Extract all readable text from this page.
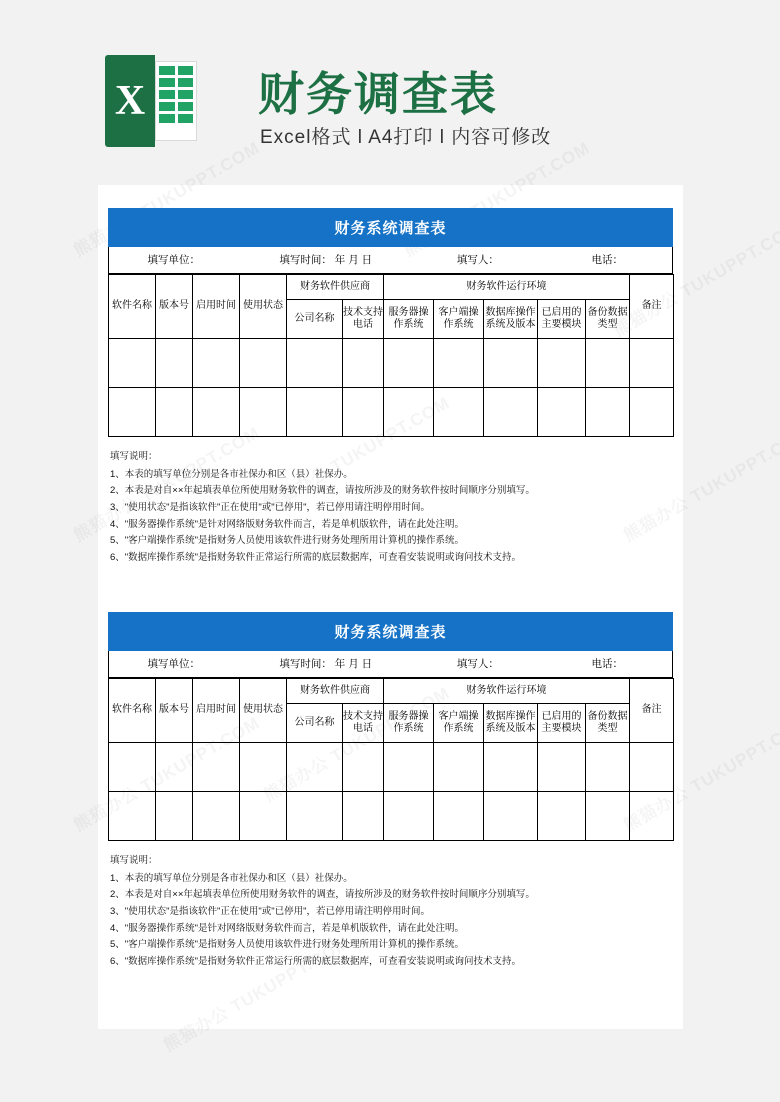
X 财务调查表
Excel格式 l A4打印 l 内容可修改
财务系统调查表
填写单位：	填写时间： 年 月 日	填写人：	电话：
软件名称	版本号	启用时间	使用状态	财务软件供应商		财务软件运行环境					备注
				公司名称	技术支持电话	服务器操作系统	客户端操作系统	数据库操作系统及版本	已启用的主要模块	备份数据类型	

填写说明：
1、本表的填写单位分别是各市社保办和区（县）社保办。
2、本表是对自××年起填表单位所使用财务软件的调查，请按所涉及的财务软件按时间顺序分别填写。
3、"使用状态"是指该软件"正在使用"或"已停用"，若已停用请注明停用时间。
4、"服务器操作系统"是针对网络版财务软件而言，若是单机版软件，请在此处注明。
5、"客户端操作系统"是指财务人员使用该软件进行财务处理所用计算机的操作系统。
6、"数据库操作系统"是指财务软件正常运行所需的底层数据库，可查看安装说明或询问技术支持。
财务系统调查表
填写单位：	填写时间： 年 月 日	填写人：	电话：
软件名称	版本号	启用时间	使用状态	财务软件供应商		财务软件运行环境					备注
				公司名称	技术支持电话	服务器操作系统	客户端操作系统	数据库操作系统及版本	已启用的主要模块	备份数据类型	

填写说明：
1、本表的填写单位分别是各市社保办和区（县）社保办。
2、本表是对自××年起填表单位所使用财务软件的调查，请按所涉及的财务软件按时间顺序分别填写。
3、"使用状态"是指该软件"正在使用"或"已停用"，若已停用请注明停用时间。
4、"服务器操作系统"是针对网络版财务软件而言，若是单机版软件，请在此处注明。
5、"客户端操作系统"是指财务人员使用该软件进行财务处理所用计算机的操作系统。
6、"数据库操作系统"是指财务软件正常运行所需的底层数据库，可查看安装说明或询问技术支持。
